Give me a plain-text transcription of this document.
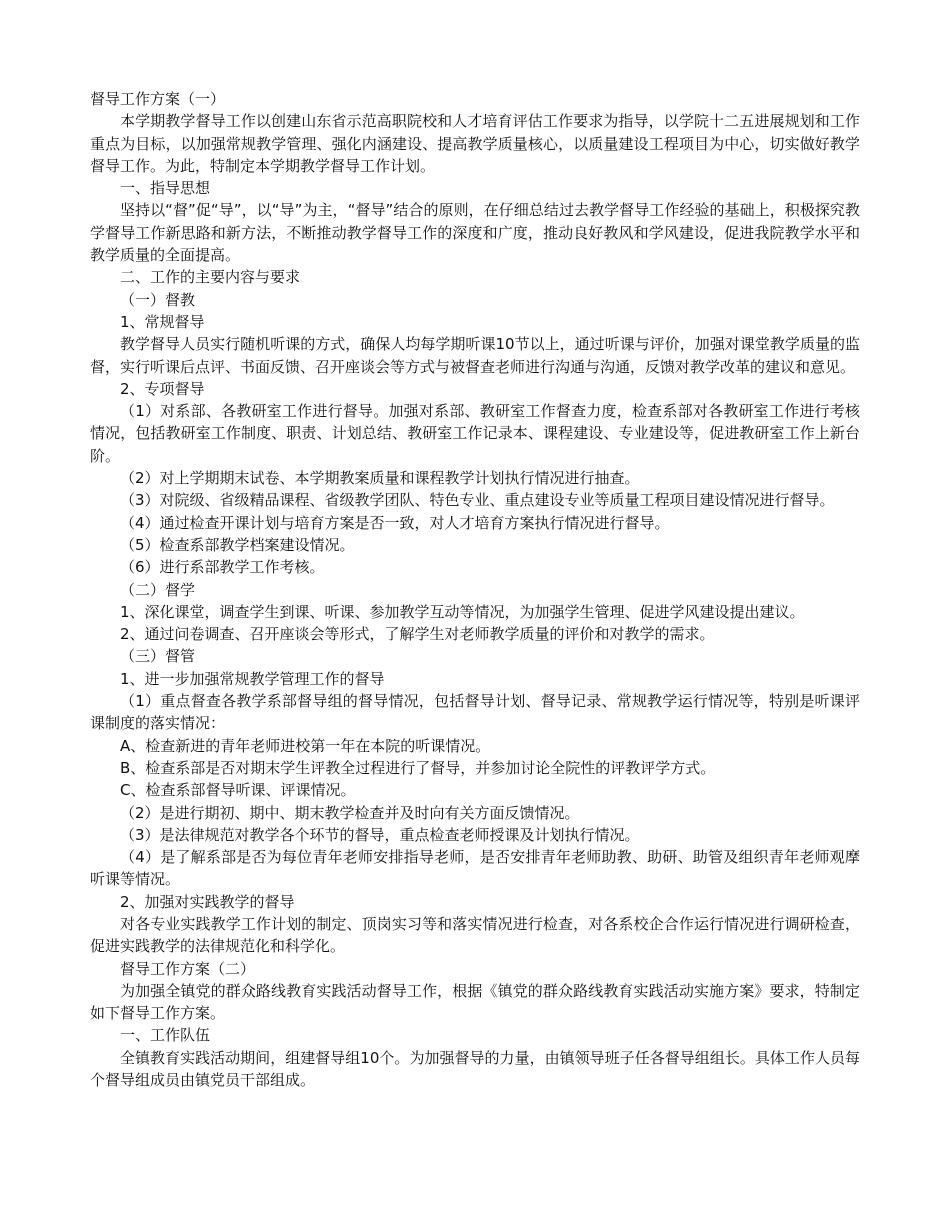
督导工作方案（一）

本学期教学督导工作以创建山东省示范高职院校和人才培育评估工作要求为指导，以学院十二五进展规划和工作重点为目标，以加强常规教学管理、强化内涵建设、提高教学质量核心，以质量建设工程项目为中心，切实做好教学督导工作。为此，特制定本学期教学督导工作计划。

一、指导思想

坚持以“督”促“导”，以“导”为主，“督导”结合的原则，在仔细总结过去教学督导工作经验的基础上，积极探究教学督导工作新思路和新方法，不断推动教学督导工作的深度和广度，推动良好教风和学风建设，促进我院教学水平和教学质量的全面提高。

二、工作的主要内容与要求

（一）督教

1、常规督导

教学督导人员实行随机听课的方式，确保人均每学期听课10节以上，通过听课与评价，加强对课堂教学质量的监督，实行听课后点评、书面反馈、召开座谈会等方式与被督查老师进行沟通与沟通，反馈对教学改革的建议和意见。

2、专项督导

（1）对系部、各教研室工作进行督导。加强对系部、教研室工作督查力度，检查系部对各教研室工作进行考核情况，包括教研室工作制度、职责、计划总结、教研室工作记录本、课程建设、专业建设等，促进教研室工作上新台阶。

（2）对上学期期末试卷、本学期教案质量和课程教学计划执行情况进行抽查。

（3）对院级、省级精品课程、省级教学团队、特色专业、重点建设专业等质量工程项目建设情况进行督导。

（4）通过检查开课计划与培育方案是否一致，对人才培育方案执行情况进行督导。

（5）检查系部教学档案建设情况。

（6）进行系部教学工作考核。

（二）督学

1、深化课堂，调查学生到课、听课、参加教学互动等情况，为加强学生管理、促进学风建设提出建议。

2、通过问卷调查、召开座谈会等形式，了解学生对老师教学质量的评价和对教学的需求。

（三）督管

1、进一步加强常规教学管理工作的督导

（1）重点督查各教学系部督导组的督导情况，包括督导计划、督导记录、常规教学运行情况等，特别是听课评课制度的落实情况：

A、检查新进的青年老师进校第一年在本院的听课情况。

B、检查系部是否对期末学生评教全过程进行了督导，并参加讨论全院性的评教评学方式。

C、检查系部督导听课、评课情况。

（2）是进行期初、期中、期末教学检查并及时向有关方面反馈情况。

（3）是法律规范对教学各个环节的督导，重点检查老师授课及计划执行情况。

（4）是了解系部是否为每位青年老师安排指导老师，是否安排青年老师助教、助研、助管及组织青年老师观摩听课等情况。

2、加强对实践教学的督导

对各专业实践教学工作计划的制定、顶岗实习等和落实情况进行检查，对各系校企合作运行情况进行调研检查，促进实践教学的法律规范化和科学化。

督导工作方案（二）

为加强全镇党的群众路线教育实践活动督导工作，根据《镇党的群众路线教育实践活动实施方案》要求，特制定如下督导工作方案。

一、工作队伍

全镇教育实践活动期间，组建督导组10个。为加强督导的力量，由镇领导班子任各督导组组长。具体工作人员每个督导组成员由镇党员干部组成。
